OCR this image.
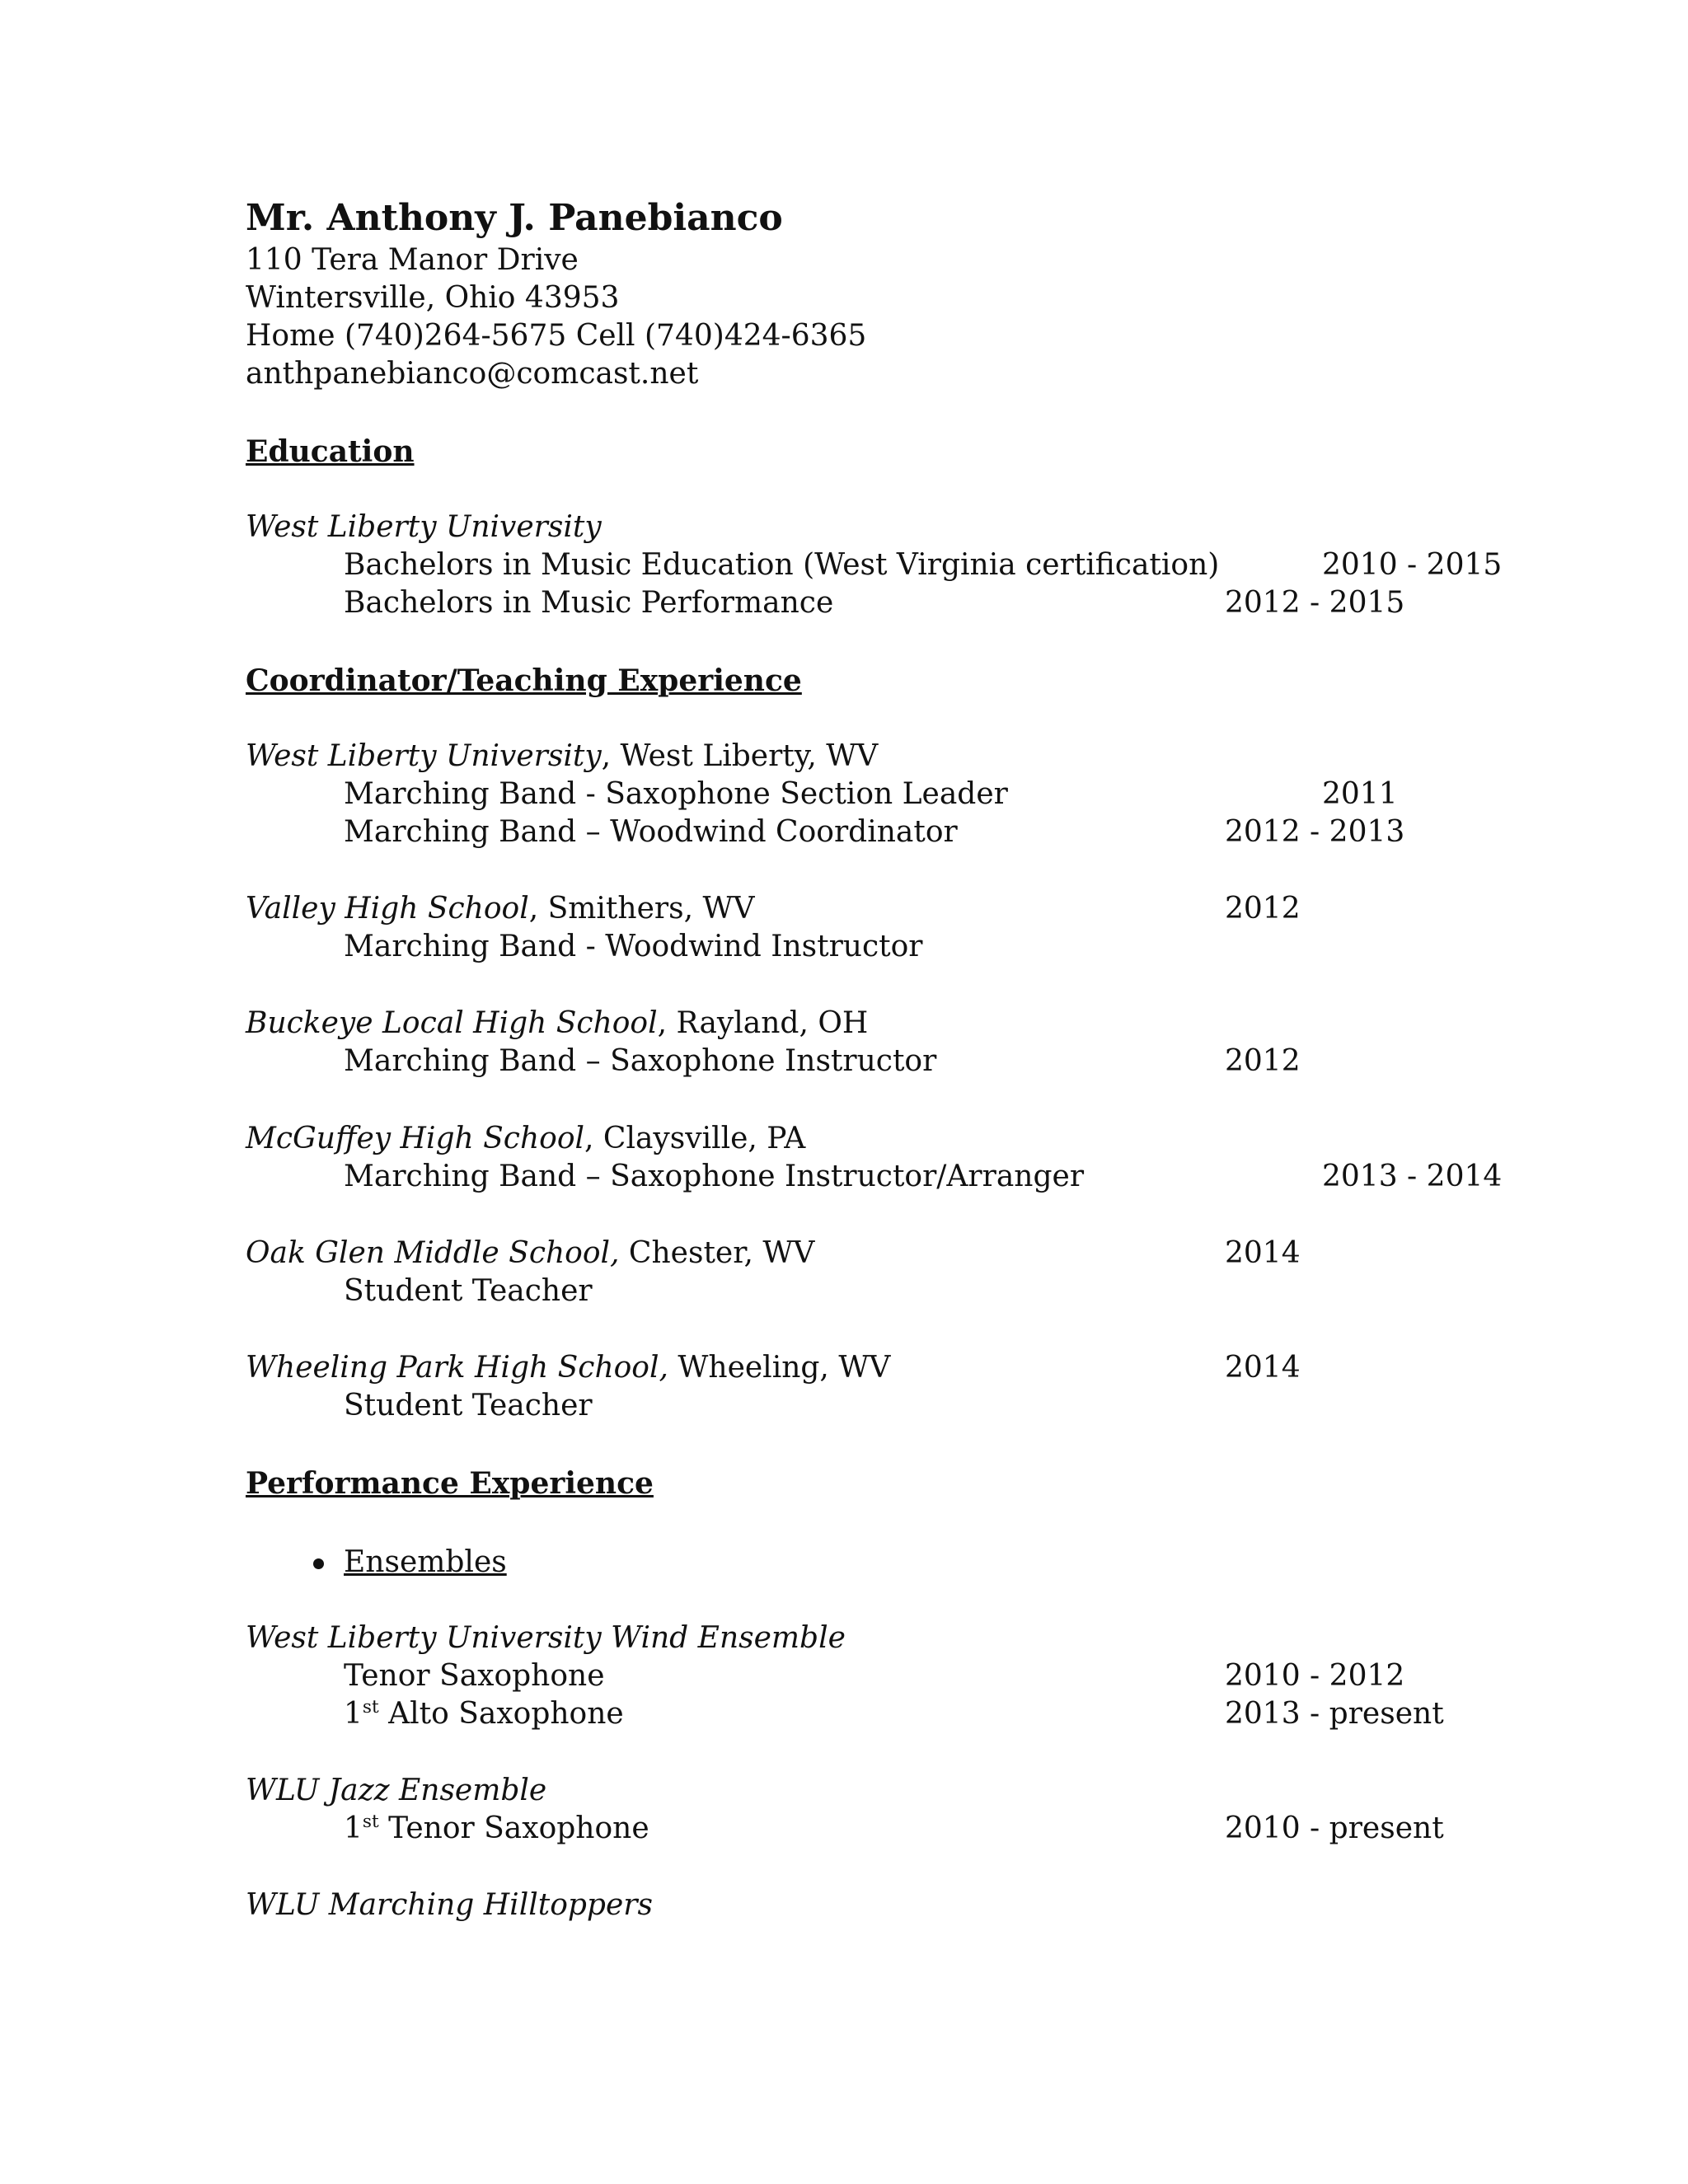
Mr. Anthony J. Panebianco
110 Tera Manor Drive
Wintersville, Ohio 43953
Home (740)264-5675 Cell (740)424-6365
anthpanebianco@comcast.net
Education
West Liberty University
Bachelors in Music Education (West Virginia certification)	2010 - 2015
Bachelors in Music Performance	2012 - 2015
Coordinator/Teaching Experience
West Liberty University, West Liberty, WV
Marching Band - Saxophone Section Leader	2011
Marching Band – Woodwind Coordinator	2012 - 2013
Valley High School, Smithers, WV	2012
Marching Band - Woodwind Instructor
Buckeye Local High School, Rayland, OH
Marching Band – Saxophone Instructor	2012
McGuffey High School, Claysville, PA
Marching Band – Saxophone Instructor/Arranger	2013 - 2014
Oak Glen Middle School, Chester, WV	2014
Student Teacher
Wheeling Park High School, Wheeling, WV	2014
Student Teacher
Performance Experience
Ensembles
West Liberty University Wind Ensemble
Tenor Saxophone	2010 - 2012
1st Alto Saxophone	2013 - present
WLU Jazz Ensemble
1st Tenor Saxophone	2010 - present
WLU Marching Hilltoppers
